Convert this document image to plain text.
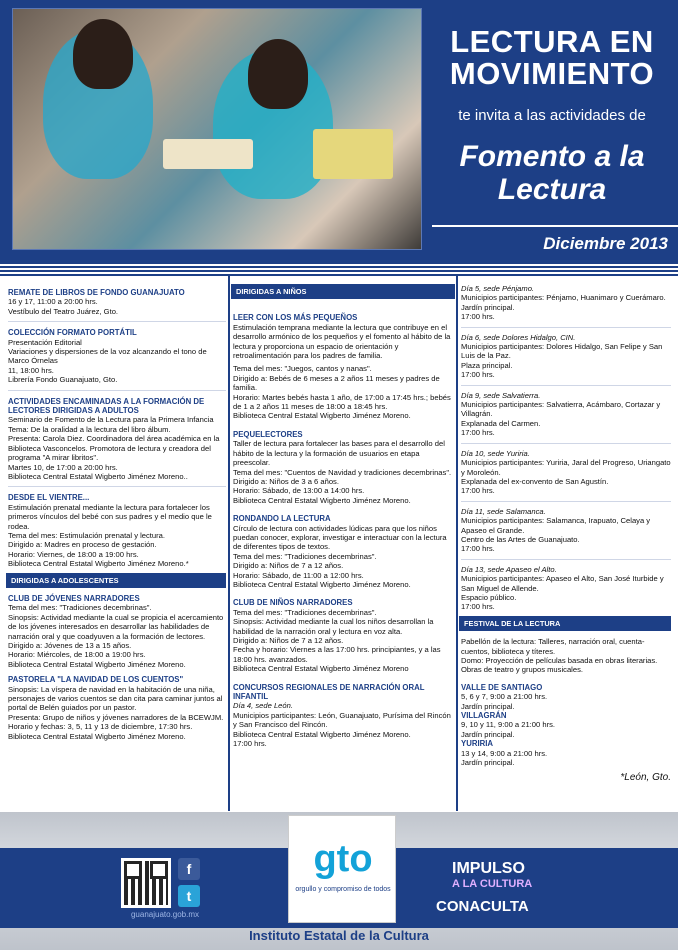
LECTURA EN MOVIMIENTO
te invita a las actividades de
Fomento a la Lectura
Diciembre 2013
REMATE DE LIBROS DE FONDO GUANAJUATO

16 y 17, 11:00 a 20:00 hrs.

Vestíbulo del Teatro Juárez, Gto.

COLECCIÓN FORMATO PORTÁTIL

Presentación Editorial

Variaciones y dispersiones de la voz alcanzando el tono de Marco Órnelas

11, 18:00 hrs.

Librería Fondo Guanajuato, Gto.

ACTIVIDADES ENCAMINADAS A LA FORMACIÓN DE LECTORES DIRIGIDAS A ADULTOS

Seminario de Fomento de la Lectura para la Primera Infancia

Tema: De la oralidad a la lectura del libro álbum.

Presenta: Carola Diez. Coordinadora del área académica en la Biblioteca Vasconcelos. Promotora de lectura y creadora del programa "A mirar libritos".

Martes 10, de 17:00 a 20:00 hrs.

Biblioteca Central Estatal Wigberto Jiménez Moreno..

DESDE EL VIENTRE...

Estimulación prenatal mediante la lectura para fortalecer los primeros vínculos del bebé con sus padres y el medio que le rodea.

Tema del mes: Estimulación prenatal y lectura.

Dirigido a: Madres en proceso de gestación.

Horario: Viernes, de 18:00 a 19:00 hrs.

Biblioteca Central Estatal Wigberto Jiménez Moreno.*

DIRIGIDAS A ADOLESCENTES
CLUB DE JÓVENES NARRADORES

Tema del mes: "Tradiciones decembrinas".

Sinopsis: Actividad mediante la cual se propicia el acercamiento de los jóvenes interesados en desarrollar las habilidades de narración oral y que coadyuven a la formación de lectores.

Dirigido a: Jóvenes de 13 a 15 años.

Horario: Miércoles, de 18:00 a 19:00 hrs.

Biblioteca Central Estatal Wigberto Jiménez Moreno.

PASTORELA "LA NAVIDAD DE LOS CUENTOS"

Sinopsis: La víspera de navidad en la habitación de una niña, personajes de varios cuentos se dan cita para caminar juntos al portal de Belén guiados por un pastor.

Presenta: Grupo de niños y jóvenes narradores de la BCEWJM.

Horario y fechas: 3, 5, 11 y 13 de diciembre, 17:30 hrs.

Biblioteca Central Estatal Wigberto Jiménez Moreno.

DIRIGIDAS A NIÑOS
LEER CON LOS MÁS PEQUEÑOS

Estimulación temprana mediante la lectura que contribuye en el desarrollo armónico de los pequeños y el fomento al hábito de la lectura y proporciona un espacio de orientación y retroalimentación para los padres de familia.

Tema del mes: "Juegos, cantos y nanas".

Dirigido a: Bebés de 6 meses a 2 años 11 meses y padres de familia.

Horario: Martes bebés hasta 1 año, de 17:00 a 17:45 hrs.; bebés de 1 a 2 años 11 meses de 18:00 a 18:45 hrs.

Biblioteca Central Estatal Wigberto Jiménez Moreno.

PEQUELECTORES

Taller de lectura para fortalecer las bases para el desarrollo del hábito de la lectura y la formación de usuarios en etapa preescolar.

Tema del mes: "Cuentos de Navidad y tradiciones decembrinas".

Dirigido a: Niños de 3 a 6 años.

Horario: Sábado, de 13:00 a 14:00 hrs.

Biblioteca Central Estatal Wigberto Jiménez Moreno.

RONDANDO LA LECTURA

Círculo de lectura con actividades lúdicas para que los niños puedan conocer, explorar, investigar e interactuar con la lectura de diferentes tipos de textos.

Tema del mes: "Tradiciones decembrinas".

Dirigido a: Niños de 7 a 12 años.

Horario: Sábado, de 11:00 a 12:00 hrs.

Biblioteca Central Estatal Wigberto Jiménez Moreno.

CLUB DE NIÑOS NARRADORES

Tema del mes: "Tradiciones decembrinas".

Sinopsis: Actividad mediante la cual los niños desarrollan la habilidad de la narración oral y lectura en voz alta.

Dirigido a: Niños de 7 a 12 años.

Fecha y horario: Viernes a las 17:00 hrs. principiantes, y a las 18:00 hrs. avanzados.

Biblioteca Central Estatal Wigberto Jiménez Moreno

CONCURSOS REGIONALES DE NARRACIÓN ORAL INFANTIL

Día 4, sede León.

Municipios participantes: León, Guanajuato, Purísima del Rincón y San Francisco del Rincón.

Biblioteca Central Estatal Wigberto Jiménez Moreno.

17:00 hrs.

Día 5, sede Pénjamo.

Municipios participantes: Pénjamo, Huanimaro y Cuerámaro.

Jardín principal.

17:00 hrs.

Día 6, sede Dolores Hidalgo, CIN.

Municipios participantes: Dolores Hidalgo, San Felipe y San Luis de la Paz.

Plaza principal.

17:00 hrs.

Día 9, sede Salvatierra.

Municipios participantes: Salvatierra, Acámbaro, Cortazar y Villagrán.

Explanada del Carmen.

17:00 hrs.

Día 10, sede Yuriria.

Municipios participantes: Yuriria, Jaral del Progreso, Uriangato y Moroleón.

Explanada del ex-convento de San Agustín.

17:00 hrs.

Día 11, sede Salamanca.

Municipios participantes: Salamanca, Irapuato, Celaya y Apaseo el Grande.

Centro de las Artes de Guanajuato.

17:00 hrs.

Día 13, sede Apaseo el Alto.

Municipios participantes: Apaseo el Alto, San José Iturbide y San Miguel de Allende.

Espacio público.

17:00 hrs.

FESTIVAL DE LA LECTURA

Pabellón de la lectura: Talleres, narración oral, cuenta-cuentos, biblioteca y títeres.

Domo: Proyección de películas basada en obras literarias.

Obras de teatro y grupos musicales.

VALLE DE SANTIAGO

5, 6 y 7, 9:00 a 21:00 hrs.

Jardín principal.

VILLAGRÁN

9, 10 y 11, 9:00 a 21:00 hrs.

Jardín principal.

YURIRIA

13 y 14, 9:00 a 21:00 hrs.

Jardín principal.

*León, Gto.

f
t
guanajuato.gob.mx
gto
orgullo y compromiso de todos
IMPULSO
A LA CULTURA
CONACULTA
Instituto Estatal de la Cultura
